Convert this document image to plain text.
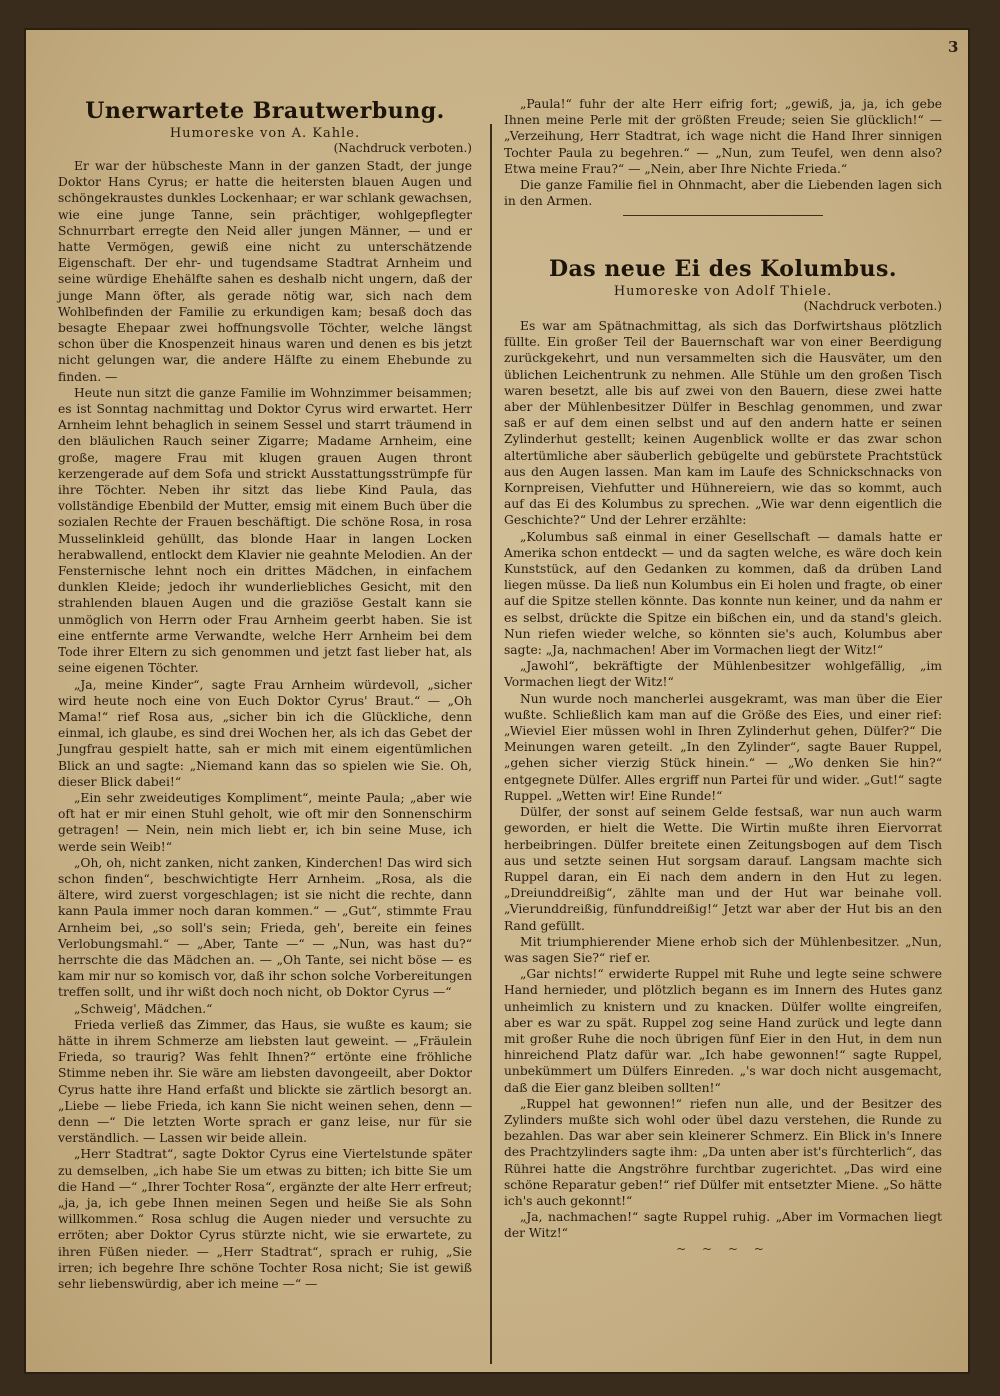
3

Unerwartete Brautwerbung.

Humoreske von A. Kahle.

(Nachdruck verboten.)

Er war der hübscheste Mann in der ganzen Stadt, der junge Doktor Hans Cyrus; er hatte die heitersten blauen Augen und schöngekraustes dunkles Lockenhaar; er war schlank gewachsen, wie eine junge Tanne, sein prächtiger, wohlgepflegter Schnurrbart erregte den Neid aller jungen Männer, — und er hatte Vermögen, gewiß eine nicht zu unterschätzende Eigenschaft. Der ehr- und tugendsame Stadtrat Arnheim und seine würdige Ehehälfte sahen es deshalb nicht ungern, daß der junge Mann öfter, als gerade nötig war, sich nach dem Wohlbefinden der Familie zu erkundigen kam; besaß doch das besagte Ehepaar zwei hoffnungsvolle Töchter, welche längst schon über die Knospenzeit hinaus waren und denen es bis jetzt nicht gelungen war, die andere Hälfte zu einem Ehebunde zu finden. —

Heute nun sitzt die ganze Familie im Wohnzimmer beisammen; es ist Sonntag nachmittag und Doktor Cyrus wird erwartet. Herr Arnheim lehnt behaglich in seinem Sessel und starrt träumend in den bläulichen Rauch seiner Zigarre; Madame Arnheim, eine große, magere Frau mit klugen grauen Augen thront kerzengerade auf dem Sofa und strickt Ausstattungsstrümpfe für ihre Töchter. Neben ihr sitzt das liebe Kind Paula, das vollständige Ebenbild der Mutter, emsig mit einem Buch über die sozialen Rechte der Frauen beschäftigt. Die schöne Rosa, in rosa Musselinkleid gehüllt, das blonde Haar in langen Locken herabwallend, entlockt dem Klavier nie geahnte Melodien. An der Fensternische lehnt noch ein drittes Mädchen, in einfachem dunklen Kleide; jedoch ihr wunderliebliches Gesicht, mit den strahlenden blauen Augen und die graziöse Gestalt kann sie unmöglich von Herrn oder Frau Arnheim geerbt haben. Sie ist eine entfernte arme Verwandte, welche Herr Arnheim bei dem Tode ihrer Eltern zu sich genommen und jetzt fast lieber hat, als seine eigenen Töchter.

„Ja, meine Kinder“, sagte Frau Arnheim würdevoll, „sicher wird heute noch eine von Euch Doktor Cyrus' Braut.“ — „Oh Mama!“ rief Rosa aus, „sicher bin ich die Glückliche, denn einmal, ich glaube, es sind drei Wochen her, als ich das Gebet der Jungfrau gespielt hatte, sah er mich mit einem eigentümlichen Blick an und sagte: „Niemand kann das so spielen wie Sie. Oh, dieser Blick dabei!“

„Ein sehr zweideutiges Kompliment“, meinte Paula; „aber wie oft hat er mir einen Stuhl geholt, wie oft mir den Sonnenschirm getragen! — Nein, nein mich liebt er, ich bin seine Muse, ich werde sein Weib!“

„Oh, oh, nicht zanken, nicht zanken, Kinderchen! Das wird sich schon finden“, beschwichtigte Herr Arnheim. „Rosa, als die ältere, wird zuerst vorgeschlagen; ist sie nicht die rechte, dann kann Paula immer noch daran kommen.“ — „Gut“, stimmte Frau Arnheim bei, „so soll's sein; Frieda, geh', bereite ein feines Verlobungsmahl.“ — „Aber, Tante —“ — „Nun, was hast du?“ herrschte die das Mädchen an. — „Oh Tante, sei nicht böse — es kam mir nur so komisch vor, daß ihr schon solche Vorbereitungen treffen sollt, und ihr wißt doch noch nicht, ob Doktor Cyrus —“

„Schweig', Mädchen.“

Frieda verließ das Zimmer, das Haus, sie wußte es kaum; sie hätte in ihrem Schmerze am liebsten laut geweint. — „Fräulein Frieda, so traurig? Was fehlt Ihnen?“ ertönte eine fröhliche Stimme neben ihr. Sie wäre am liebsten davongeeilt, aber Doktor Cyrus hatte ihre Hand erfaßt und blickte sie zärtlich besorgt an. „Liebe — liebe Frieda, ich kann Sie nicht weinen sehen, denn — denn —“ Die letzten Worte sprach er ganz leise, nur für sie verständlich. — Lassen wir beide allein.

„Herr Stadtrat“, sagte Doktor Cyrus eine Viertelstunde später zu demselben, „ich habe Sie um etwas zu bitten; ich bitte Sie um die Hand —“ „Ihrer Tochter Rosa“, ergänzte der alte Herr erfreut; „ja, ja, ich gebe Ihnen meinen Segen und heiße Sie als Sohn willkommen.“ Rosa schlug die Augen nieder und versuchte zu erröten; aber Doktor Cyrus stürzte nicht, wie sie erwartete, zu ihren Füßen nieder. — „Herr Stadtrat“, sprach er ruhig, „Sie irren; ich begehre Ihre schöne Tochter Rosa nicht; Sie ist gewiß sehr liebenswürdig, aber ich meine —“ —

„Paula!“ fuhr der alte Herr eifrig fort; „gewiß, ja, ja, ich gebe Ihnen meine Perle mit der größten Freude; seien Sie glücklich!“ — „Verzeihung, Herr Stadtrat, ich wage nicht die Hand Ihrer sinnigen Tochter Paula zu begehren.“ — „Nun, zum Teufel, wen denn also? Etwa meine Frau?“ — „Nein, aber Ihre Nichte Frieda.“

Die ganze Familie fiel in Ohnmacht, aber die Liebenden lagen sich in den Armen.

Das neue Ei des Kolumbus.

Humoreske von Adolf Thiele.

(Nachdruck verboten.)

Es war am Spätnachmittag, als sich das Dorfwirtshaus plötzlich füllte. Ein großer Teil der Bauernschaft war von einer Beerdigung zurückgekehrt, und nun versammelten sich die Hausväter, um den üblichen Leichentrunk zu nehmen. Alle Stühle um den großen Tisch waren besetzt, alle bis auf zwei von den Bauern, diese zwei hatte aber der Mühlenbesitzer Dülfer in Beschlag genommen, und zwar saß er auf dem einen selbst und auf den andern hatte er seinen Zylinderhut gestellt; keinen Augenblick wollte er das zwar schon altertümliche aber säuberlich gebügelte und gebürstete Prachtstück aus den Augen lassen. Man kam im Laufe des Schnickschnacks von Kornpreisen, Viehfutter und Hühnereiern, wie das so kommt, auch auf das Ei des Kolumbus zu sprechen. „Wie war denn eigentlich die Geschichte?“ Und der Lehrer erzählte:

„Kolumbus saß einmal in einer Gesellschaft — damals hatte er Amerika schon entdeckt — und da sagten welche, es wäre doch kein Kunststück, auf den Gedanken zu kommen, daß da drüben Land liegen müsse. Da ließ nun Kolumbus ein Ei holen und fragte, ob einer auf die Spitze stellen könnte. Das konnte nun keiner, und da nahm er es selbst, drückte die Spitze ein bißchen ein, und da stand's gleich. Nun riefen wieder welche, so könnten sie's auch, Kolumbus aber sagte: „Ja, nachmachen! Aber im Vormachen liegt der Witz!“

„Jawohl“, bekräftigte der Mühlenbesitzer wohlgefällig, „im Vormachen liegt der Witz!“

Nun wurde noch mancherlei ausgekramt, was man über die Eier wußte. Schließlich kam man auf die Größe des Eies, und einer rief: „Wieviel Eier müssen wohl in Ihren Zylinderhut gehen, Dülfer?“ Die Meinungen waren geteilt. „In den Zylinder“, sagte Bauer Ruppel, „gehen sicher vierzig Stück hinein.“ — „Wo denken Sie hin?“ entgegnete Dülfer. Alles ergriff nun Partei für und wider. „Gut!“ sagte Ruppel. „Wetten wir! Eine Runde!“

Dülfer, der sonst auf seinem Gelde festsaß, war nun auch warm geworden, er hielt die Wette. Die Wirtin mußte ihren Eiervorrat herbeibringen. Dülfer breitete einen Zeitungsbogen auf dem Tisch aus und setzte seinen Hut sorgsam darauf. Langsam machte sich Ruppel daran, ein Ei nach dem andern in den Hut zu legen. „Dreiunddreißig“, zählte man und der Hut war beinahe voll. „Vierunddreißig, fünfunddreißig!“ Jetzt war aber der Hut bis an den Rand gefüllt.

Mit triumphierender Miene erhob sich der Mühlenbesitzer. „Nun, was sagen Sie?“ rief er.

„Gar nichts!“ erwiderte Ruppel mit Ruhe und legte seine schwere Hand hernieder, und plötzlich begann es im Innern des Hutes ganz unheimlich zu knistern und zu knacken. Dülfer wollte eingreifen, aber es war zu spät. Ruppel zog seine Hand zurück und legte dann mit großer Ruhe die noch übrigen fünf Eier in den Hut, in dem nun hinreichend Platz dafür war. „Ich habe gewonnen!“ sagte Ruppel, unbekümmert um Dülfers Einreden. „'s war doch nicht ausgemacht, daß die Eier ganz bleiben sollten!“

„Ruppel hat gewonnen!“ riefen nun alle, und der Besitzer des Zylinders mußte sich wohl oder übel dazu verstehen, die Runde zu bezahlen. Das war aber sein kleinerer Schmerz. Ein Blick in's Innere des Prachtzylinders sagte ihm: „Da unten aber ist's fürchterlich“, das Rührei hatte die Angströhre furchtbar zugerichtet. „Das wird eine schöne Reparatur geben!“ rief Dülfer mit entsetzter Miene. „So hätte ich's auch gekonnt!“

„Ja, nachmachen!“ sagte Ruppel ruhig. „Aber im Vormachen liegt der Witz!“

~ ~ ~ ~
